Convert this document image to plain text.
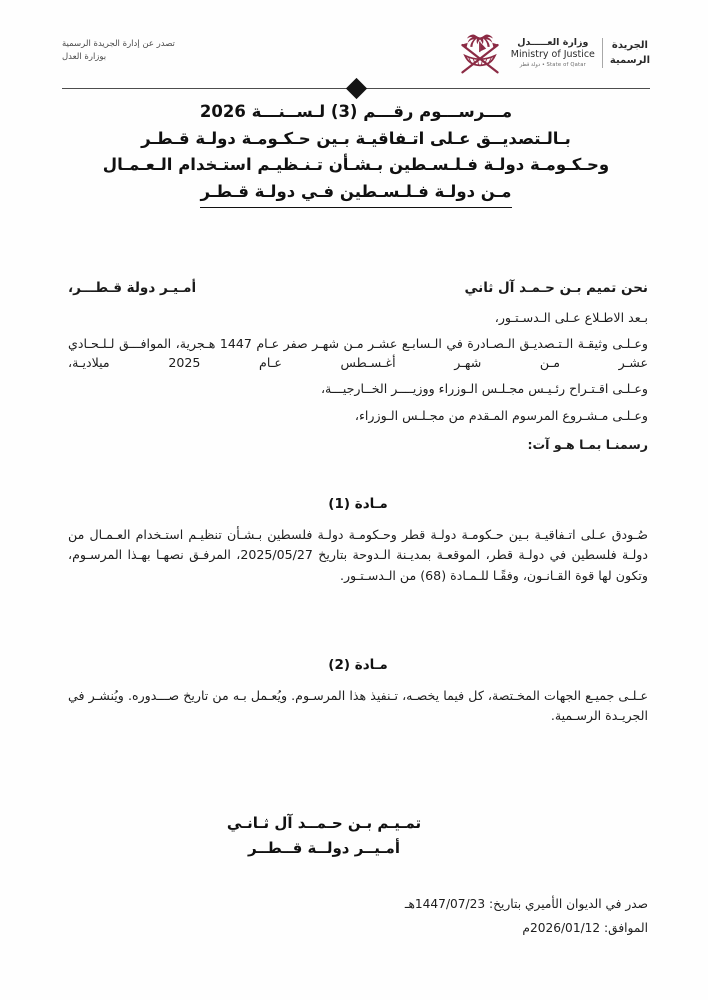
تصدر عن إدارة الجريدة الرسمية
بوزارة العدل
الجريدة
الرسمية
وزارة العـــــدل
Ministry of Justice
دولة قطر • State of Qatar
مـــرســـوم رقـــم (3) لـســنـــة 2026
بـالـتصديــق عـلى اتـفاقيـة بـين حـكـومـة دولـة قـطـر
وحـكـومـة دولـة فـلـسـطين بـشـأن تـنـظيـم استـخدام الـعـمـال
مـن دولـة فـلـسـطين فـي دولـة قـطـر
نحن تميم بـن حـمـد آل ثاني
أمـيـر دولة قـطـــر،

بـعد الاطـلاع عـلى الـدسـتـور،

وعـلـى وثيقـة الـتـصديـق الـصـادرة في الـسابـع عشـر مـن شهـر صفر عـام 1447 هـجرية، الموافـــق لـلـحـادي عشـر مـن شهـر أغـسـطس عـام 2025 ميلاديـة،

وعـلـى اقـتـراح رئـيـس مجـلـس الـوزراء ووزيــــر الخــارجيـــة،

وعـلـى مـشـروع المرسوم المـقدم من مجـلـس الـوزراء،

رسمنـا بمـا هـو آت:

مـادة (1)

صُـودق عـلى اتـفاقيـة بـين حـكومـة دولـة قطر وحـكومـة دولـة فلسطين بـشـأن تنظيـم استـخدام العـمـال من دولـة فلسطين في دولـة قطر، الموقعـة بمديـنة الـدوحة بتاريخ 2025/05/27، المرفـق نصهـا بهـذا المرسـوم، وتكون لها قوة القـانـون، وفقًـا للـمـادة (68) من الـدسـتـور.

مـادة (2)

عـلـى جميـع الجهات المخـتصة، كل فيما يخصـه، تـنفيذ هذا المرسـوم. ويُعـمل بـه من تاريخ صـــدوره. ويُنشـر في الجريـدة الرسـمية.

تمـيـم بـن حـمــد آل ثـانـي
أمـيــر دولــة قــطــر
صدر في الديوان الأميري بتاريخ: 1447/07/23هـ
الموافق: 2026/01/12م
